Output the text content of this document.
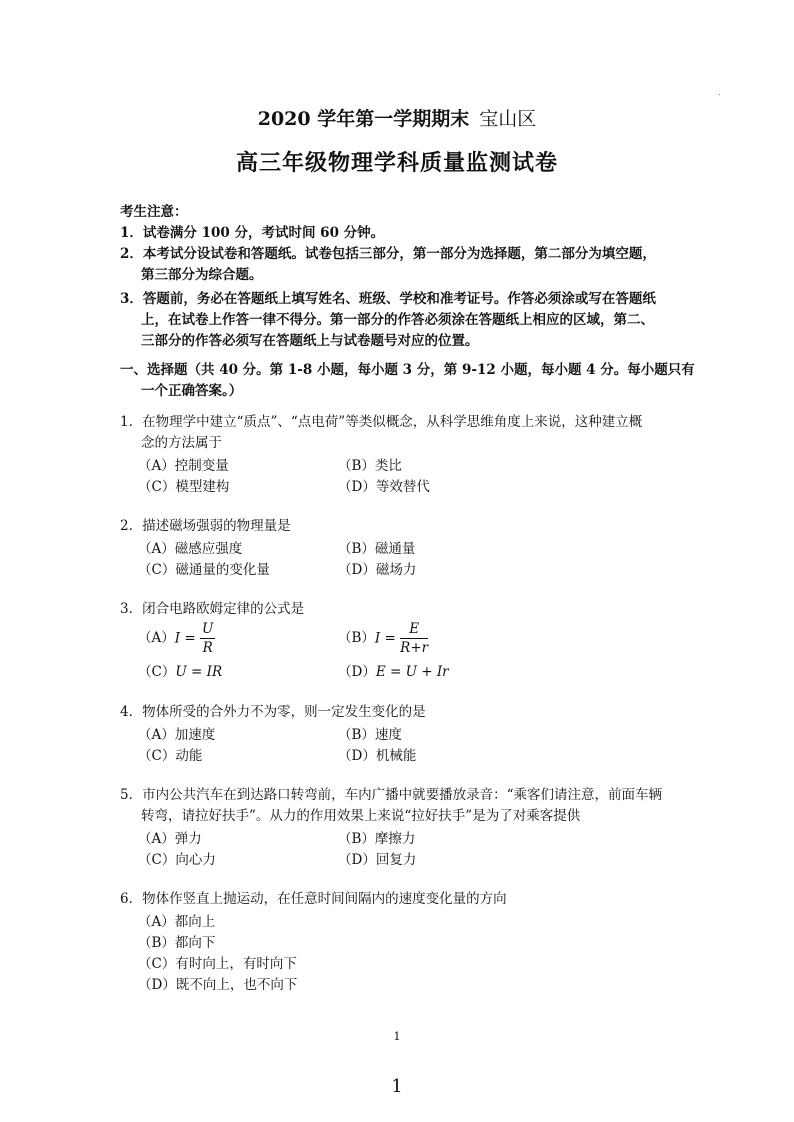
.
2020 学年第一学期期末 宝山区
高三年级物理学科质量监测试卷
考生注意：
1．试卷满分 100 分，考试时间 60 分钟。
2．本考试分设试卷和答题纸。试卷包括三部分，第一部分为选择题，第二部分为填空题，
第三部分为综合题。
3．答题前，务必在答题纸上填写姓名、班级、学校和准考证号。作答必须涂或写在答题纸
上，在试卷上作答一律不得分。第一部分的作答必须涂在答题纸上相应的区域，第二、
三部分的作答必须写在答题纸上与试卷题号对应的位置。
一、选择题（共 40 分。第 1-8 小题，每小题 3 分，第 9-12 小题，每小题 4 分。每小题只有
一个正确答案。）
1．在物理学中建立“质点”、“点电荷”等类似概念，从科学思维角度上来说，这种建立概
念的方法属于
（A）控制变量	（B）类比
（C）模型建构	（D）等效替代
2．描述磁场强弱的物理量是
（A）磁感应强度	（B）磁通量
（C）磁通量的变化量	（D）磁场力
3．闭合电路欧姆定律的公式是
$(A)I = \frac{U}{R}$	$(B)I = \frac{E}{R+r}$
（C）U = IR	（D）E = U + Ir
4．物体所受的合外力不为零，则一定发生变化的是
（A）加速度	（B）速度
（C）动能	（D）机械能
5．市内公共汽车在到达路口转弯前，车内广播中就要播放录音：“乘客们请注意，前面车辆
转弯，请拉好扶手”。从力的作用效果上来说“拉好扶手”是为了对乘客提供
（A）弹力	（B）摩擦力
（C）向心力	（D）回复力
6．物体作竖直上抛运动，在任意时间间隔内的速度变化量的方向
（A）都向上
（B）都向下
（C）有时向上，有时向下
（D）既不向上，也不向下
1
1
